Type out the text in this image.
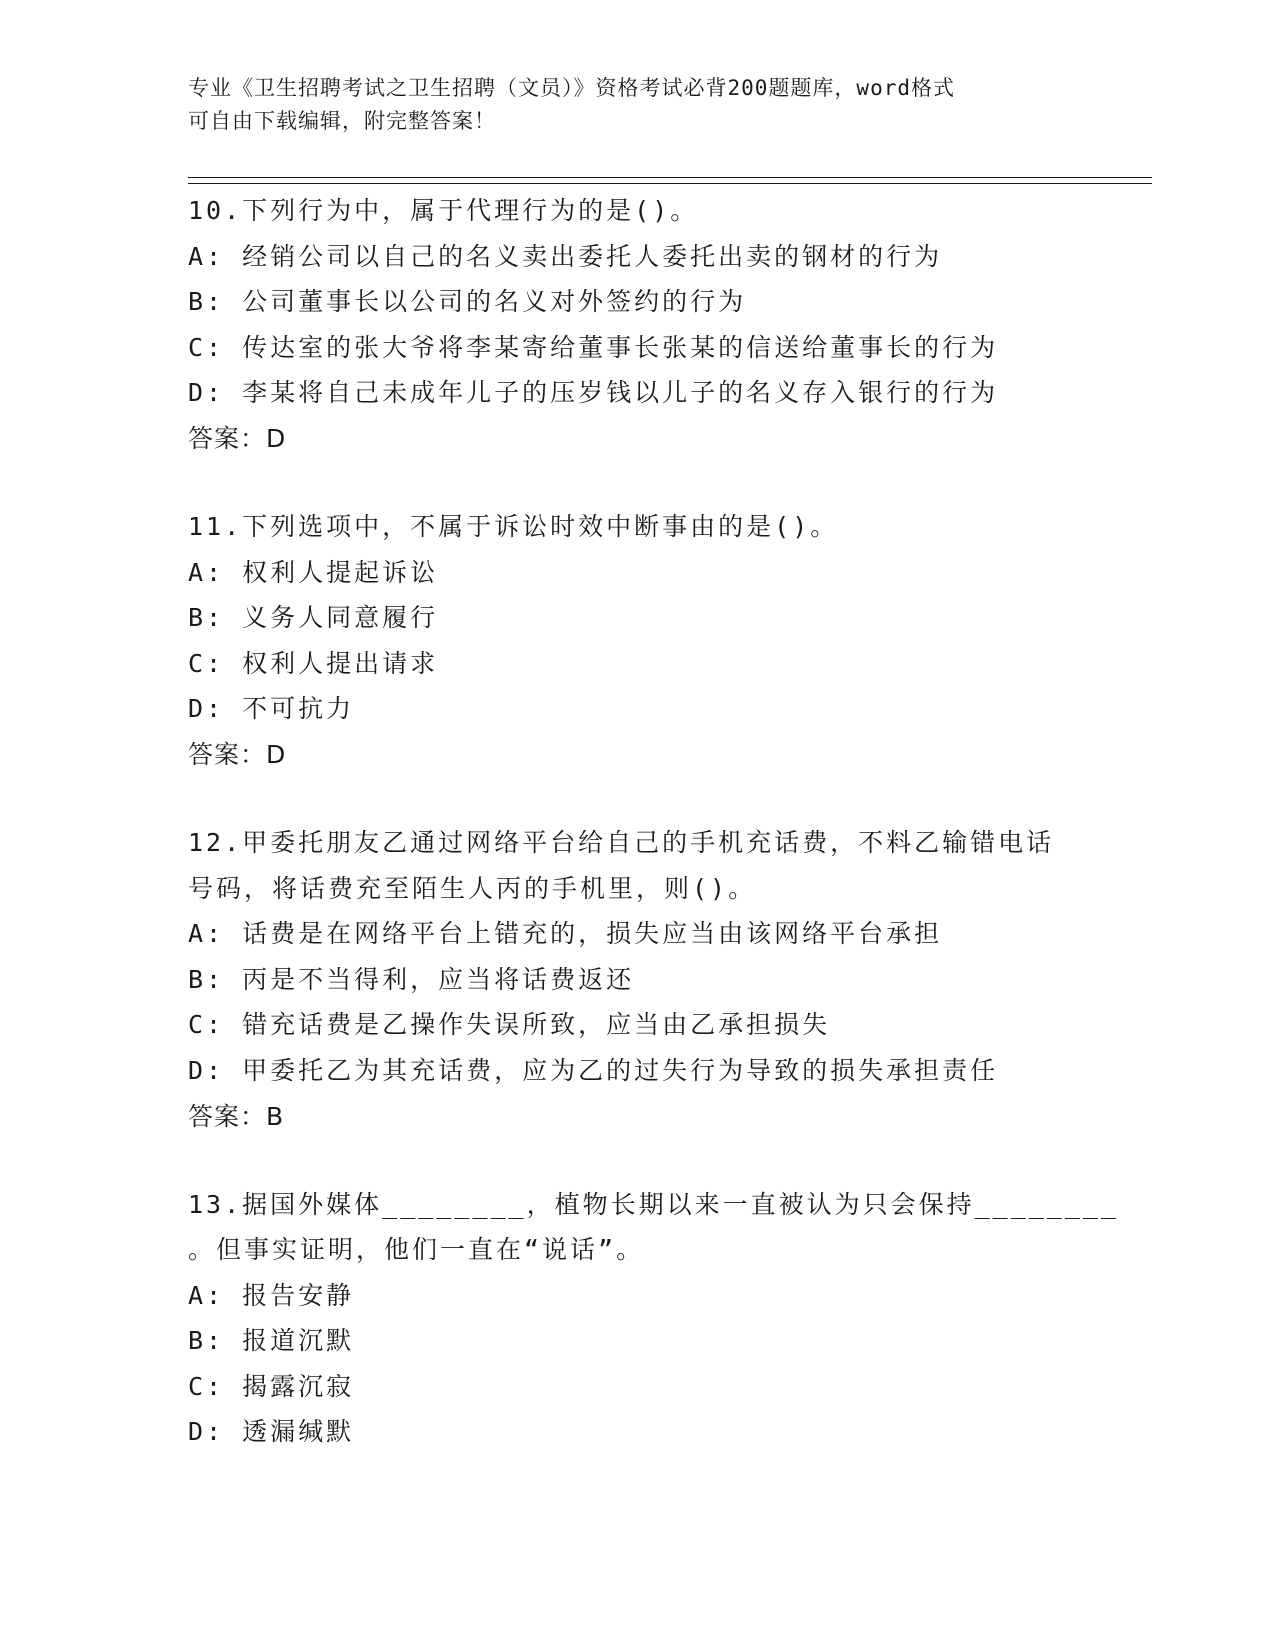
专业《卫生招聘考试之卫生招聘（文员）》资格考试必背200题题库，word格式
可自由下载编辑，附完整答案！
10.下列行为中，属于代理行为的是()。
A: 经销公司以自己的名义卖出委托人委托出卖的钢材的行为
B: 公司董事长以公司的名义对外签约的行为
C: 传达室的张大爷将李某寄给董事长张某的信送给董事长的行为
D: 李某将自己未成年儿子的压岁钱以儿子的名义存入银行的行为
答案：D
11.下列选项中，不属于诉讼时效中断事由的是()。
A: 权利人提起诉讼
B: 义务人同意履行
C: 权利人提出请求
D: 不可抗力
答案：D
12.甲委托朋友乙通过网络平台给自己的手机充话费，不料乙输错电话
号码，将话费充至陌生人丙的手机里，则()。
A: 话费是在网络平台上错充的，损失应当由该网络平台承担
B: 丙是不当得利，应当将话费返还
C: 错充话费是乙操作失误所致，应当由乙承担损失
D: 甲委托乙为其充话费，应为乙的过失行为导致的损失承担责任
答案：B
13.据国外媒体________，植物长期以来一直被认为只会保持________
。但事实证明，他们一直在“说话”。
A: 报告安静
B: 报道沉默
C: 揭露沉寂
D: 透漏缄默
